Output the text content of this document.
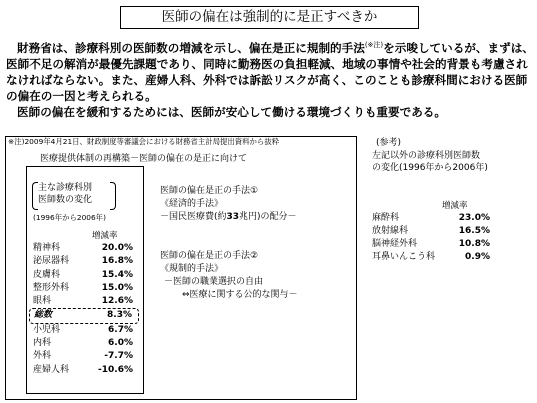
医師の偏在は強制的に是正すべきか

財務省は、診療科別の医師数の増減を示し、偏在是正に規制的手法$^{(※注)}$を示唆しているが、まずは、医師不足の解消が最優先課題であり、同時に勤務医の負担軽減、地域の事情や社会的背景も考慮されなければならない。また、産婦人科、外科では訴訟リスクが高く、このことも診療科間における医師の偏在の一因と考えられる。

医師の偏在を緩和するためには、医師が安心して働ける環境づくりも重要である。

※注)2009年4月21日、財政制度等審議会における財務省主計局提出資料から抜粋
医療提供体制の再構築－医師の偏在の是正に向けて
主な診療科別
医師数の変化
(1996年から2006年)
増減率
精神科	20.0%
泌尿器科	16.8%
皮膚科	15.4%
整形外科	15.0%
眼科	12.6%
総数	8.3%
小児科	6.7%
内科	6.0%
外科	-7.7%
産婦人科	-10.6%
医師の偏在是正の手法①
《経済的手法》
－国民医療費(約33兆円)の配分－
医師の偏在是正の手法②
《規制的手法》
－医師の職業選択の自由
⇔医療に関する公的な関与－
(参考)
左記以外の診療科別医師数
の変化(1996年から2006年)
増減率
麻酔科	23.0%
放射線科	16.5%
脳神経外科	10.8%
耳鼻いんこう科	0.9%
